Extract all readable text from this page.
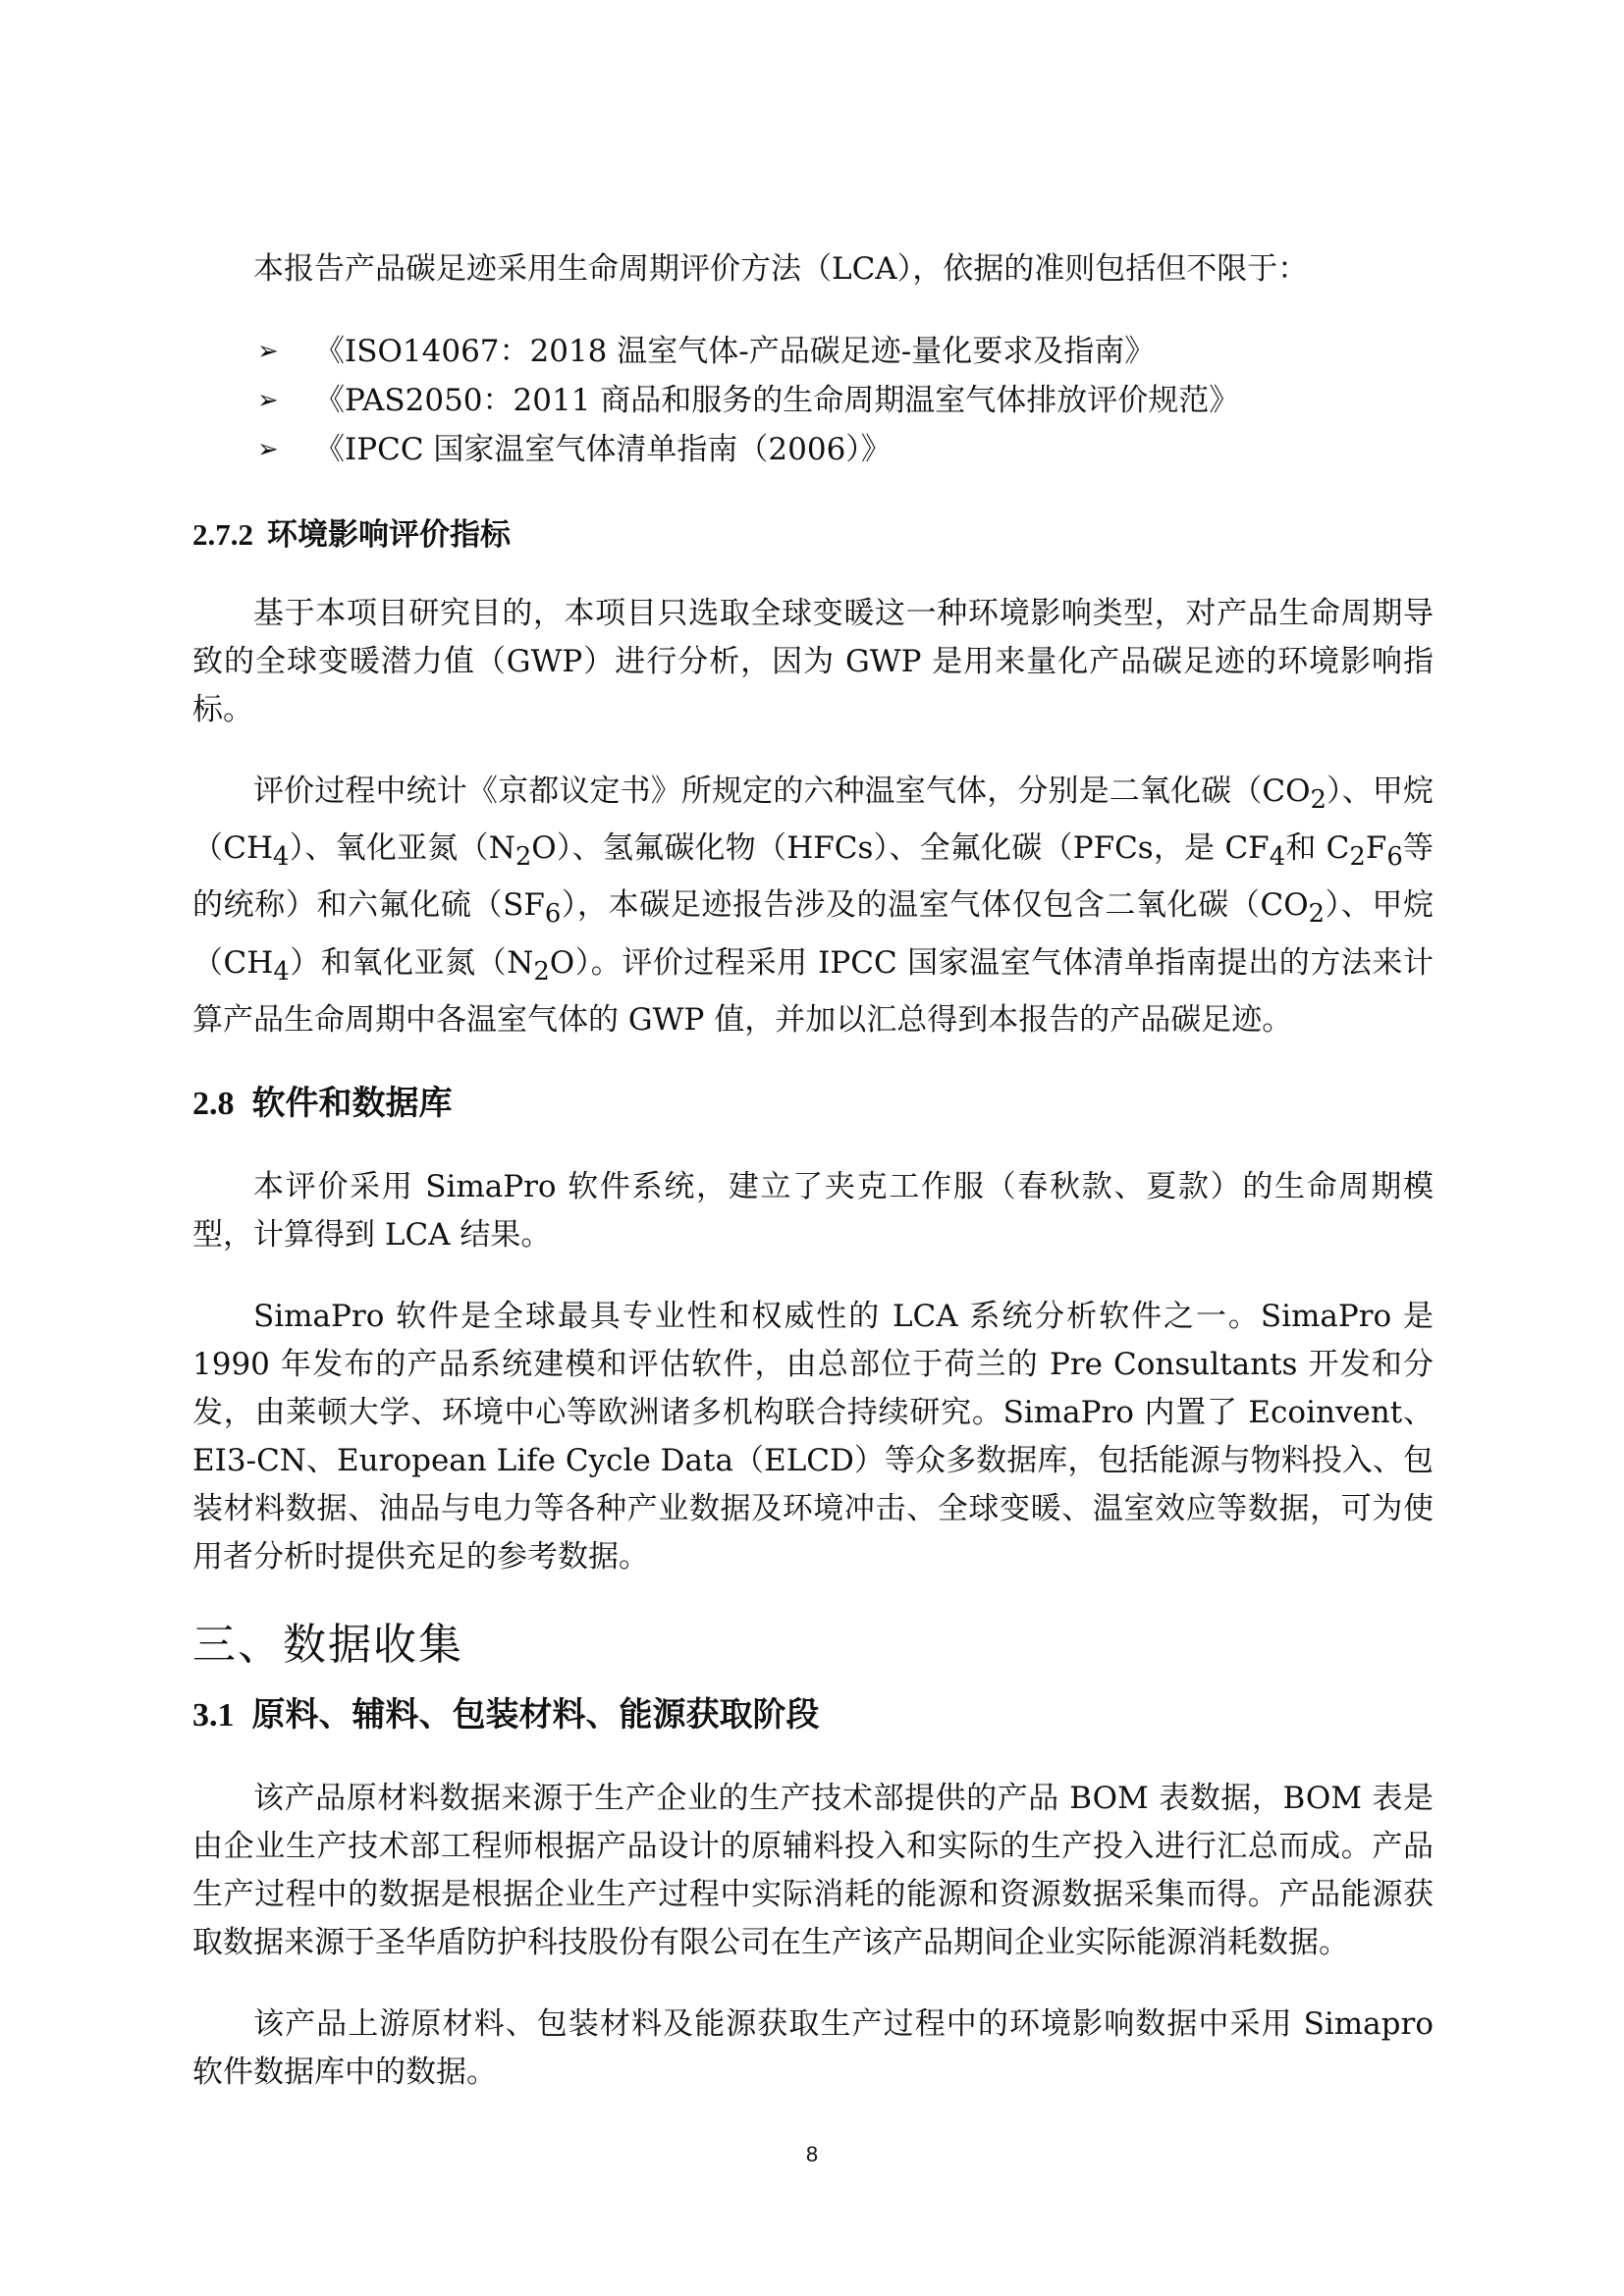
本报告产品碳足迹采用生命周期评价方法（LCA），依据的准则包括但不限于：

➢	《ISO14067：2018 温室气体-产品碳足迹-量化要求及指南》
➢	《PAS2050：2011 商品和服务的生命周期温室气体排放评价规范》
➢	《IPCC 国家温室气体清单指南（2006）》
2.7.2 环境影响评价指标

基于本项目研究目的，本项目只选取全球变暖这一种环境影响类型，对产品生命周期导致的全球变暖潜力值（GWP）进行分析，因为 GWP 是用来量化产品碳足迹的环境影响指标。

评价过程中统计《京都议定书》所规定的六种温室气体，分别是二氧化碳$(CO_2)$、甲烷$(CH_4)$、氧化亚氮$(N_2O)$、氢氟碳化物（HFCs）、全氟化碳（PFCs，是 $CF_4$和 $C_2F_6$等的统称）和六氟化硫$(SF_6)$，本碳足迹报告涉及的温室气体仅包含二氧化碳$(CO_2)$、甲烷$(CH_4)$和氧化亚氮$(N_2O)$。评价过程采用 IPCC 国家温室气体清单指南提出的方法来计算产品生命周期中各温室气体的 GWP 值，并加以汇总得到本报告的产品碳足迹。

2.8 软件和数据库

本评价采用 SimaPro 软件系统，建立了夹克工作服（春秋款、夏款）的生命周期模型，计算得到 LCA 结果。

SimaPro 软件是全球最具专业性和权威性的 LCA 系统分析软件之一。SimaPro 是 1990 年发布的产品系统建模和评估软件，由总部位于荷兰的 Pre Consultants 开发和分发，由莱顿大学、环境中心等欧洲诸多机构联合持续研究。SimaPro 内置了 Ecoinvent、EI3-CN、European Life Cycle Data（ELCD）等众多数据库，包括能源与物料投入、包装材料数据、油品与电力等各种产业数据及环境冲击、全球变暖、温室效应等数据，可为使用者分析时提供充足的参考数据。

三、数据收集
3.1 原料、辅料、包装材料、能源获取阶段

该产品原材料数据来源于生产企业的生产技术部提供的产品 BOM 表数据，BOM 表是由企业生产技术部工程师根据产品设计的原辅料投入和实际的生产投入进行汇总而成。产品生产过程中的数据是根据企业生产过程中实际消耗的能源和资源数据采集而得。产品能源获取数据来源于圣华盾防护科技股份有限公司在生产该产品期间企业实际能源消耗数据。

该产品上游原材料、包装材料及能源获取生产过程中的环境影响数据中采用 Simapro 软件数据库中的数据。

8
